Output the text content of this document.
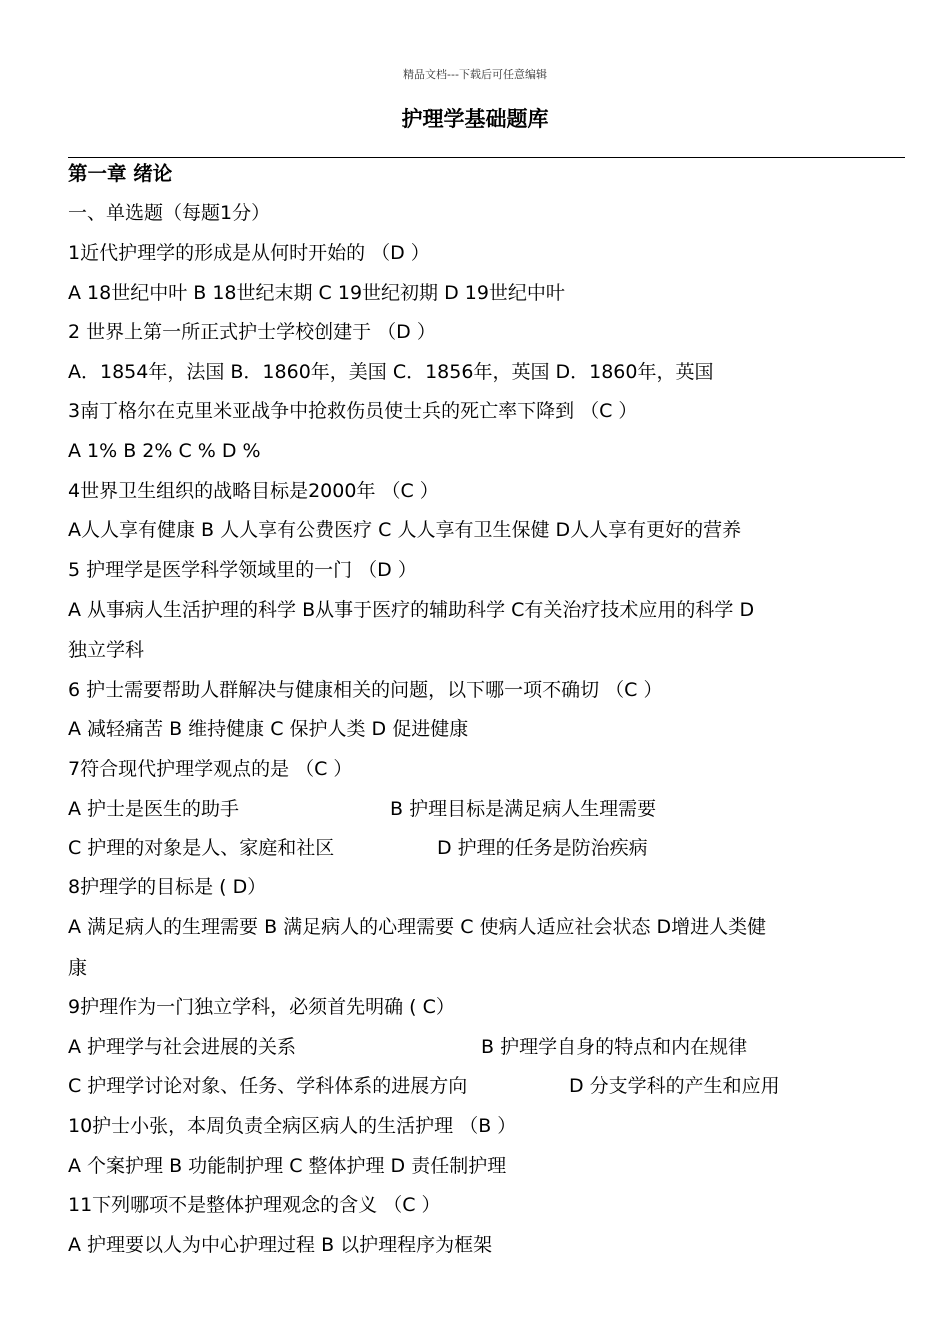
精品文档---下载后可任意编辑
护理学基础题库
第一章 绪论
一、单选题（每题1分）
1近代护理学的形成是从何时开始的 （D ）
A 18世纪中叶 B 18世纪末期 C 19世纪初期 D 19世纪中叶
2 世界上第一所正式护士学校创建于 （D ）
A．1854年，法国 B．1860年，美国 C．1856年，英国 D．1860年，英国
3南丁格尔在克里米亚战争中抢救伤员使士兵的死亡率下降到 （C ）
A 1% B 2% C % D %
4世界卫生组织的战略目标是2000年 （C ）
A人人享有健康 B 人人享有公费医疗 C 人人享有卫生保健 D人人享有更好的营养
5 护理学是医学科学领域里的一门 （D ）
A 从事病人生活护理的科学 B从事于医疗的辅助科学 C有关治疗技术应用的科学 D
独立学科
6 护士需要帮助人群解决与健康相关的问题，以下哪一项不确切 （C ）
A 减轻痛苦 B 维持健康 C 保护人类 D 促进健康
7符合现代护理学观点的是 （C ）
A 护士是医生的助手	B 护理目标是满足病人生理需要
C 护理的对象是人、家庭和社区	D 护理的任务是防治疾病
8护理学的目标是 ( D）
A 满足病人的生理需要 B 满足病人的心理需要 C 使病人适应社会状态 D增进人类健
康
9护理作为一门独立学科，必须首先明确 ( C）
A 护理学与社会进展的关系	B 护理学自身的特点和内在规律
C 护理学讨论对象、任务、学科体系的进展方向	D 分支学科的产生和应用
10护士小张，本周负责全病区病人的生活护理 （B ）
A 个案护理 B 功能制护理 C 整体护理 D 责任制护理
11下列哪项不是整体护理观念的含义 （C ）
A 护理要以人为中心护理过程 B 以护理程序为框架
